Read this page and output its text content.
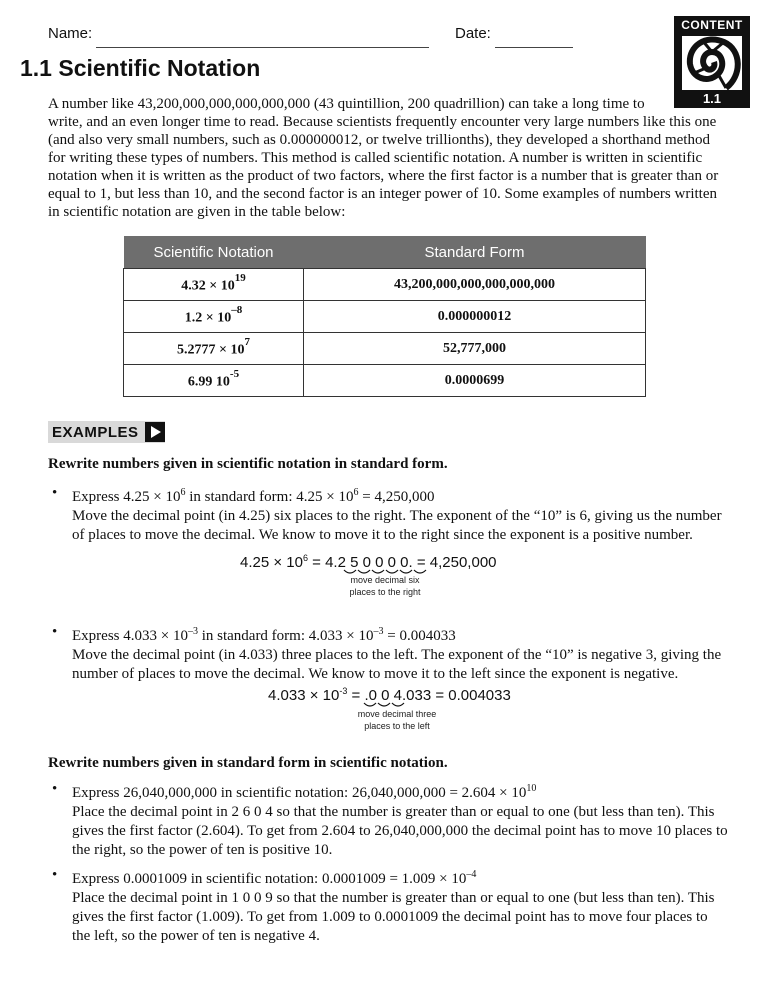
Name:	Date:	CONTENT
1.1
1.1 Scientific Notation
A number like 43,200,000,000,000,000,000 (43 quintillion, 200 quadrillion) can take a long time to
write, and an even longer time to read. Because scientists frequently encounter very large numbers like this one
(and also very small numbers, such as 0.000000012, or twelve trillionths), they developed a shorthand method
for writing these types of numbers. This method is called scientific notation. A number is written in scientific
notation when it is written as the product of two factors, where the first factor is a number that is greater than or
equal to 1, but less than 10, and the second factor is an integer power of 10. Some examples of numbers written
in scientific notation are given in the table below:
Scientific Notation	Standard Form
$4.32 \times 10^{19}$	43,200,000,000,000,000,000
$1.2 \times 10^{-8}$	0.000000012
$5.2777 \times 10^7$	52,777,000
6.99 $10^{-5}$	0.0000699
EXAMPLES
Rewrite numbers given in scientific notation in standard form.
• Express $4.25 \times 10^6$ in standard form: $4.25 \times 10^6 = 4,250,000$
Move the decimal point (in 4.25) six places to the right. The exponent of the “10” is 6, giving us the number
of places to move the decimal. We know to move it to the right since the exponent is a positive number.
$4.25 \times 10^6 = 4.2$ 5 0 0 0 0. = 4,250,000
move decimal six
places to the right
• Express $4.033 \times 10^{-3}$ in standard form: $4.033 \times 10^{-3} = 0.004033$
Move the decimal point (in 4.033) three places to the left. The exponent of the “10” is negative 3, giving the
number of places to move the decimal. We know to move it to the left since the exponent is negative.
$4.033 \times 10^{-3} = .0$ 0 4.033 = 0.004033
move decimal three
places to the left
Rewrite numbers given in standard form in scientific notation.
• Express 26,040,000,000 in scientific notation: $26,040,000,000 = 2.604 \times 10^{10}$
Place the decimal point in 2 6 0 4 so that the number is greater than or equal to one (but less than ten). This
gives the first factor (2.604). To get from 2.604 to 26,040,000,000 the decimal point has to move 10 places to
the right, so the power of ten is positive 10.
• Express 0.0001009 in scientific notation: $0.0001009 = 1.009 \times 10^{-4}$
Place the decimal point in 1 0 0 9 so that the number is greater than or equal to one (but less than ten). This
gives the first factor (1.009). To get from 1.009 to 0.0001009 the decimal point has to move four places to
the left, so the power of ten is negative 4.
